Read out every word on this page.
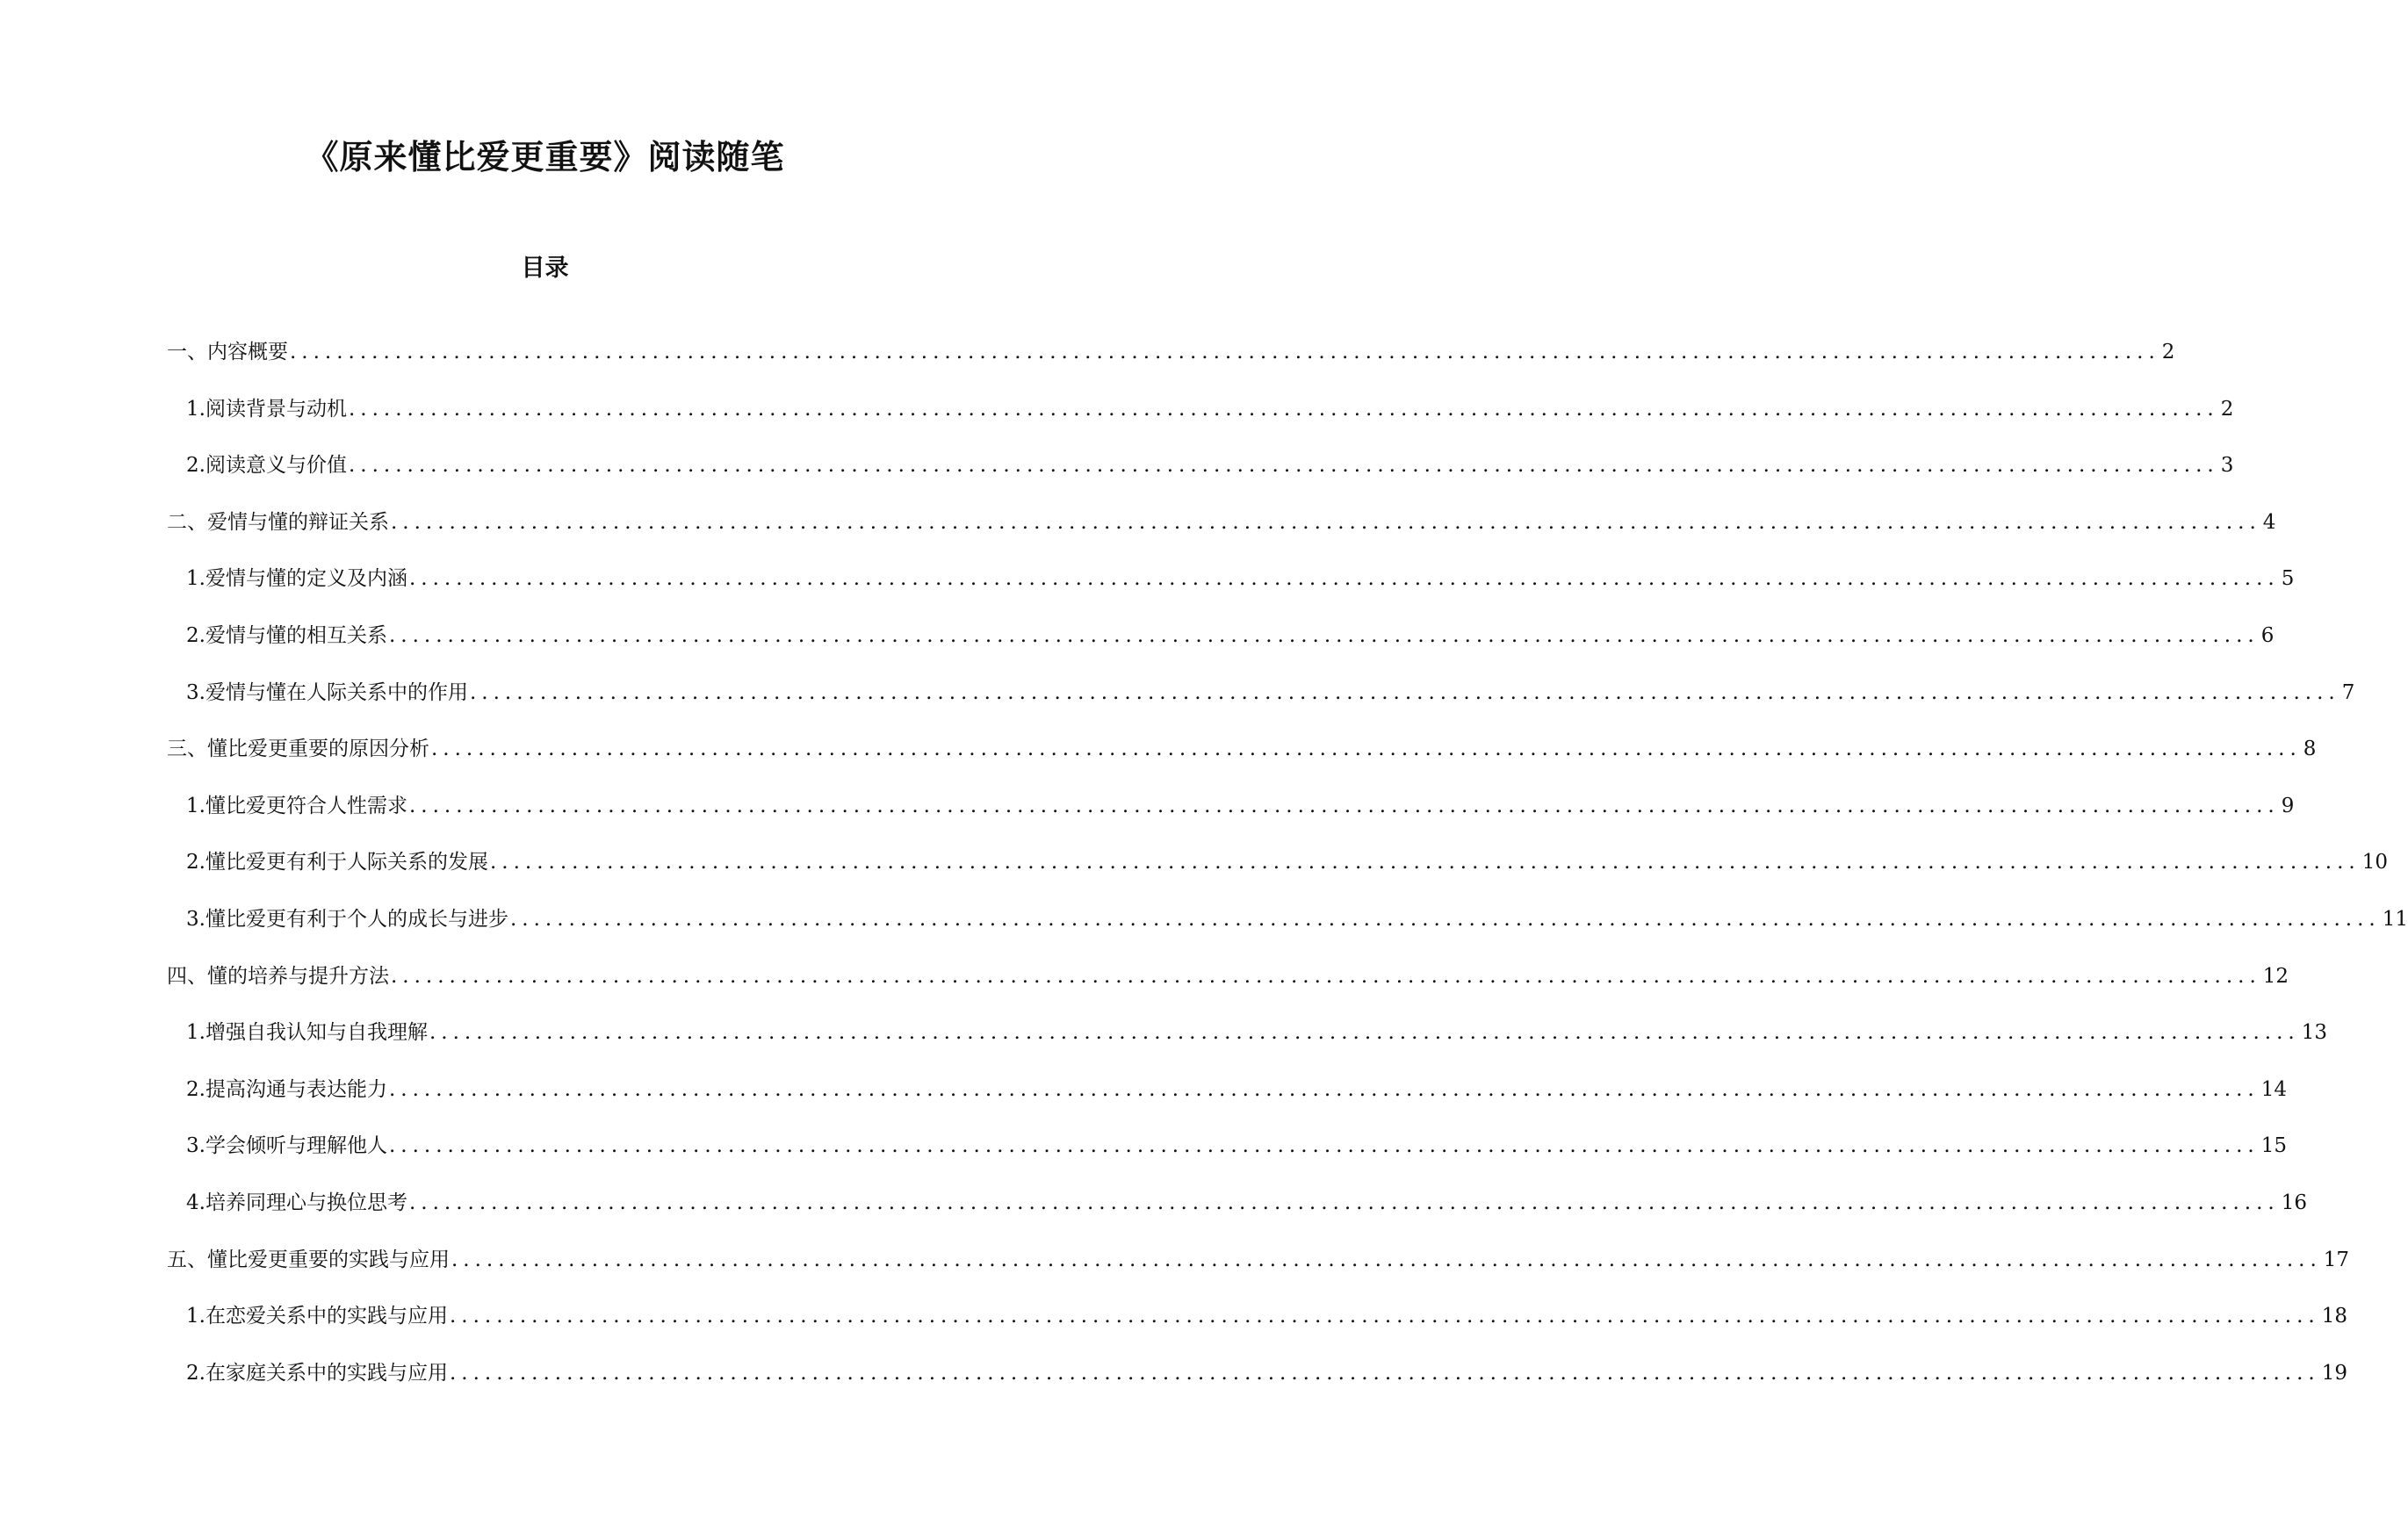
《原来懂比爱更重要》阅读随笔
目录
一、内容概要 ................................................................................................................................................................ 2
1. 阅读背景与动机 ................................................................................................................................................................ 2
2. 阅读意义与价值 ................................................................................................................................................................ 3
二、爱情与懂的辩证关系 ................................................................................................................................................................ 4
1. 爱情与懂的定义及内涵 ................................................................................................................................................................ 5
2. 爱情与懂的相互关系 ................................................................................................................................................................ 6
3. 爱情与懂在人际关系中的作用 ................................................................................................................................................................ 7
三、懂比爱更重要的原因分析 ................................................................................................................................................................ 8
1. 懂比爱更符合人性需求 ................................................................................................................................................................ 9
2. 懂比爱更有利于人际关系的发展 ................................................................................................................................................................ 10
3. 懂比爱更有利于个人的成长与进步 ................................................................................................................................................................ 11
四、懂的培养与提升方法 ................................................................................................................................................................ 12
1. 增强自我认知与自我理解 ................................................................................................................................................................ 13
2. 提高沟通与表达能力 ................................................................................................................................................................ 14
3. 学会倾听与理解他人 ................................................................................................................................................................ 15
4. 培养同理心与换位思考 ................................................................................................................................................................ 16
五、懂比爱更重要的实践与应用 ................................................................................................................................................................ 17
1. 在恋爱关系中的实践与应用 ................................................................................................................................................................ 18
2. 在家庭关系中的实践与应用 ................................................................................................................................................................ 19
